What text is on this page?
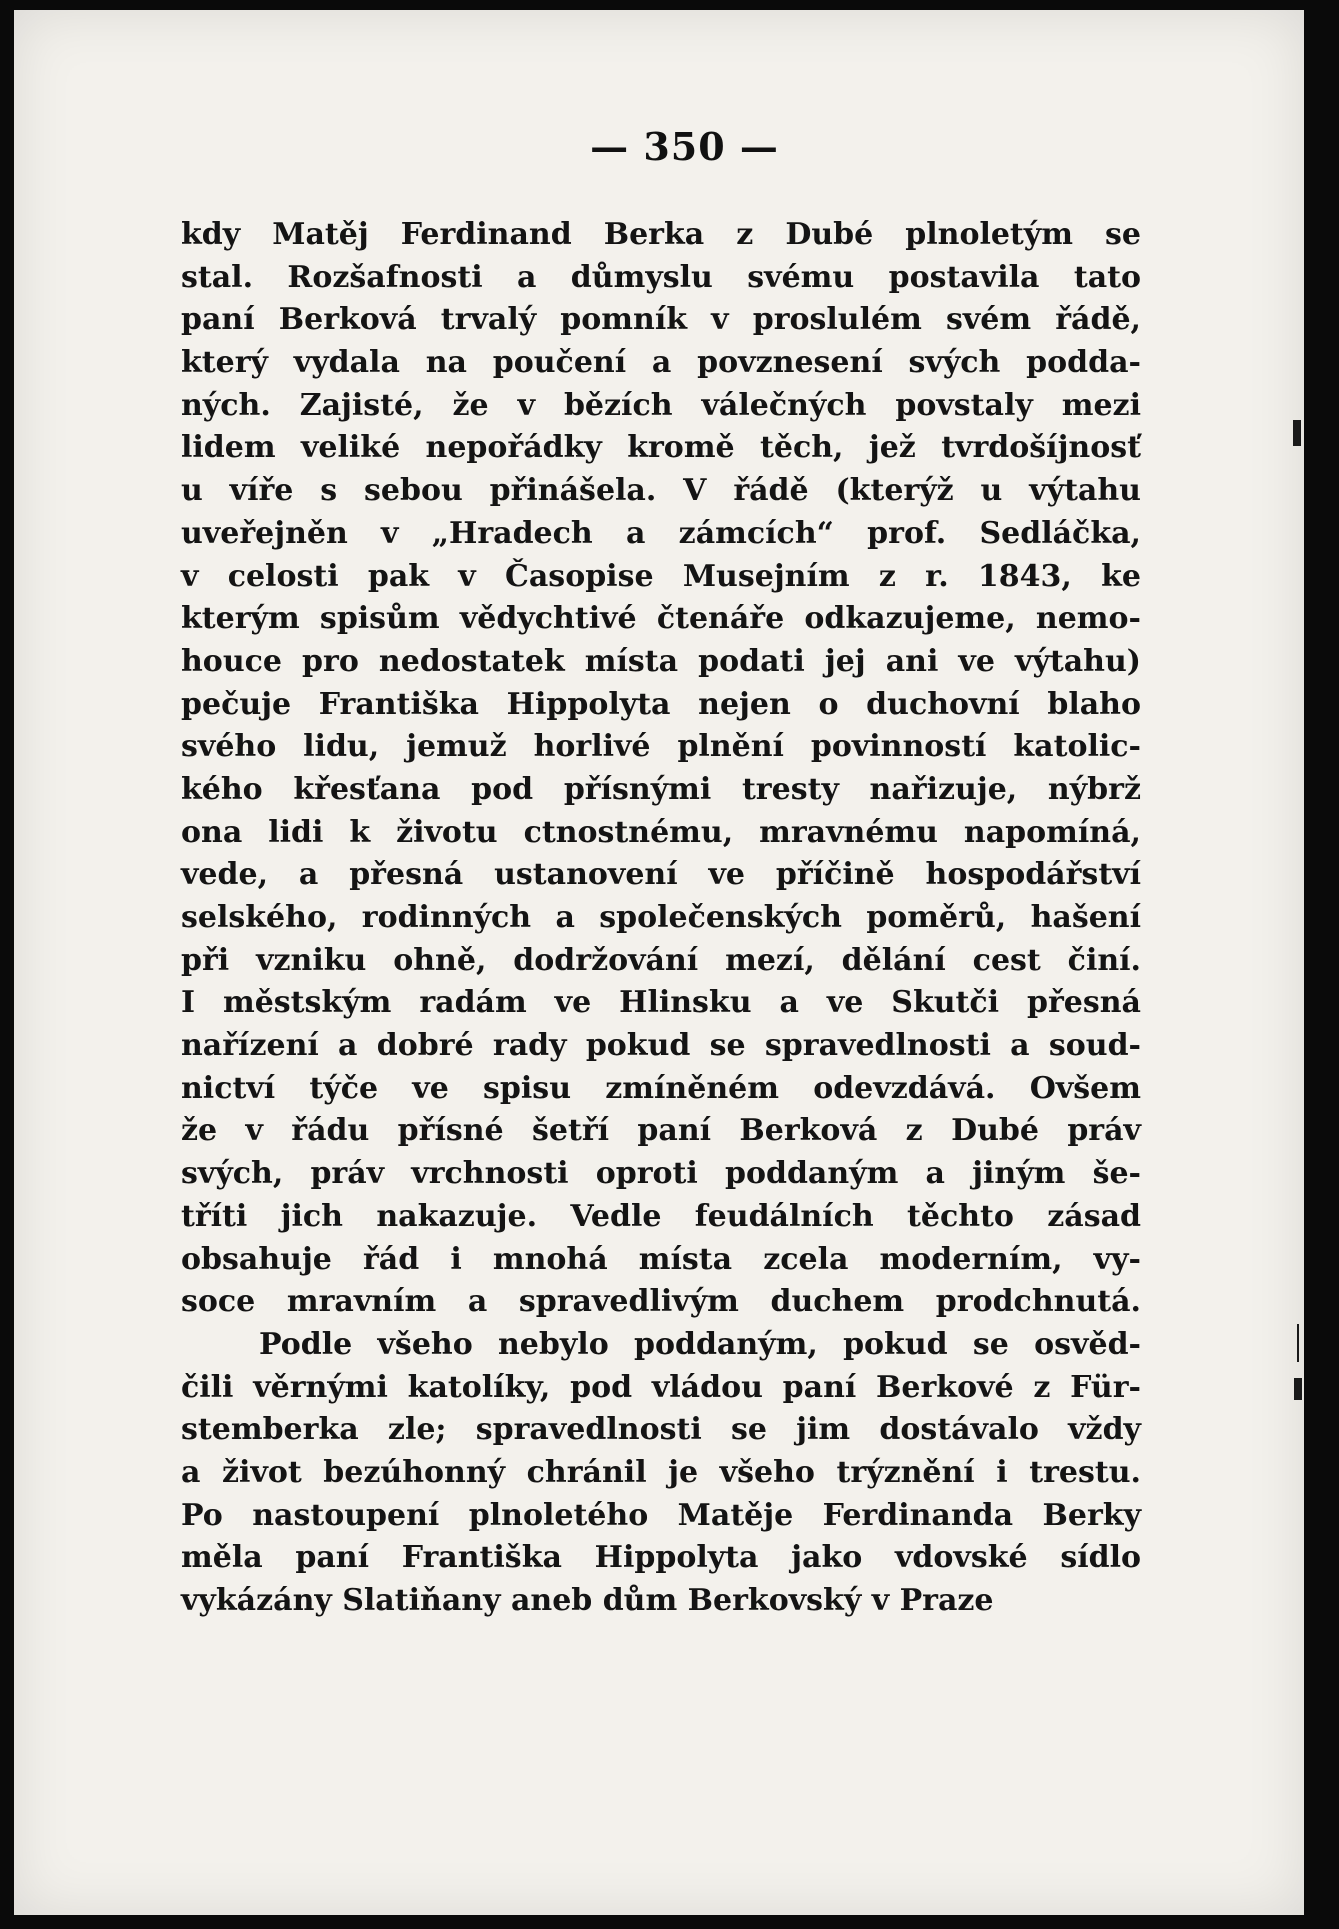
— 350 —
kdy Matěj Ferdinand Berka z Dubé plnoletým se
stal. Rozšafnosti a důmyslu svému postavila tato
paní Berková trvalý pomník v proslulém svém řádě,
který vydala na poučení a povznesení svých podda-
ných. Zajisté, že v bězích válečných povstaly mezi
lidem veliké nepořádky kromě těch, jež tvrdošíjnosť
u víře s sebou přinášela. V řádě (kterýž u výtahu
uveřejněn v „Hradech a zámcích“ prof. Sedláčka,
v celosti pak v Časopise Musejním z r. 1843, ke
kterým spisům vědychtivé čtenáře odkazujeme, nemo-
houce pro nedostatek místa podati jej ani ve výtahu)
pečuje Františka Hippolyta nejen o duchovní blaho
svého lidu, jemuž horlivé plnění povinností katolic-
kého křesťana pod přísnými tresty nařizuje, nýbrž
ona lidi k životu ctnostnému, mravnému napomíná,
vede, a přesná ustanovení ve příčině hospodářství
selského, rodinných a společenských poměrů, hašení
při vzniku ohně, dodržování mezí, dělání cest činí.
I městským radám ve Hlinsku a ve Skutči přesná
nařízení a dobré rady pokud se spravedlnosti a soud-
nictví týče ve spisu zmíněném odevzdává. Ovšem
že v řádu přísné šetří paní Berková z Dubé práv
svých, práv vrchnosti oproti poddaným a jiným še-
tříti jich nakazuje. Vedle feudálních těchto zásad
obsahuje řád i mnohá místa zcela moderním, vy-
soce mravním a spravedlivým duchem prodchnutá.
Podle všeho nebylo poddaným, pokud se osvěd-
čili věrnými katolíky, pod vládou paní Berkové z Für-
stemberka zle; spravedlnosti se jim dostávalo vždy
a život bezúhonný chránil je všeho trýznění i trestu.
Po nastoupení plnoletého Matěje Ferdinanda Berky
měla paní Františka Hippolyta jako vdovské sídlo
vykázány Slatiňany aneb dům Berkovský v Praze
